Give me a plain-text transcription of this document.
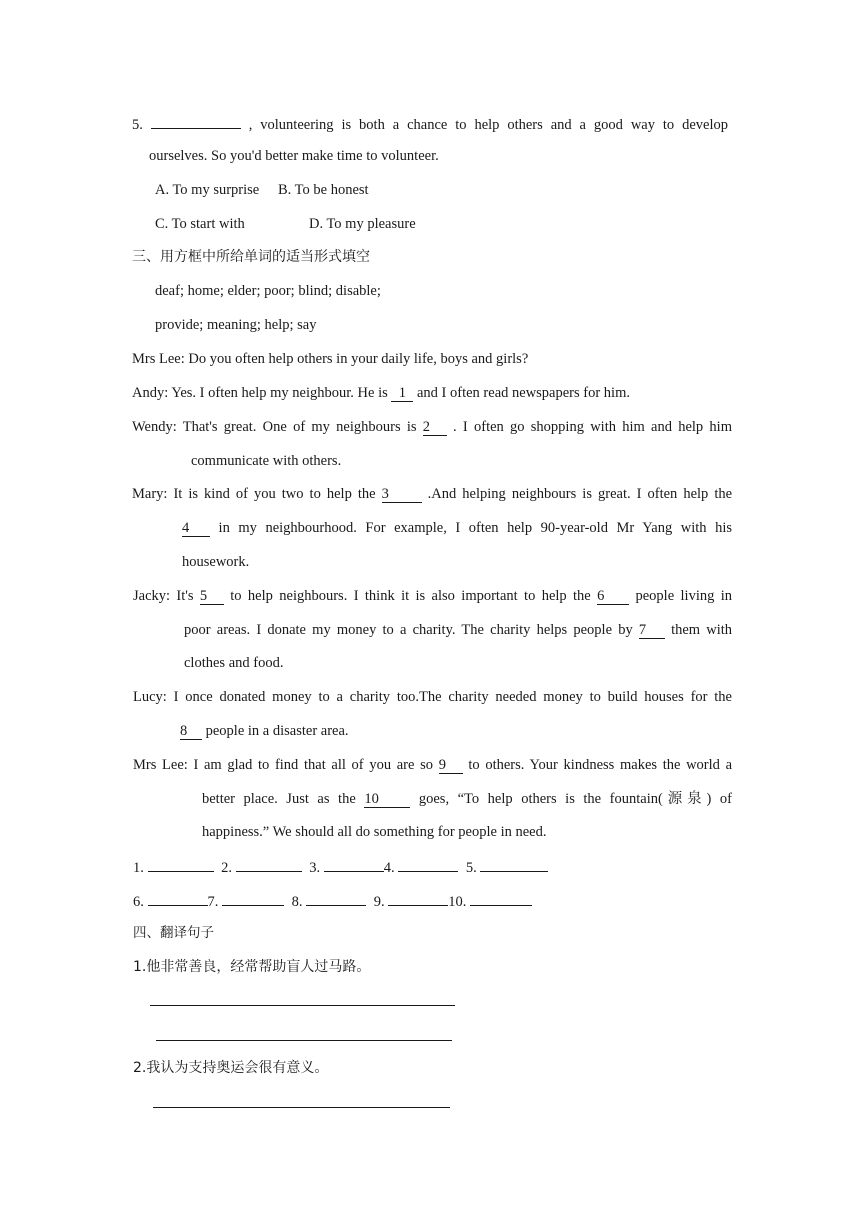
5.	, volunteering is both a chance to help others and a good way to develop
ourselves. So you'd better make time to volunteer.
A. To my surprise B. To be honest
C. To start with	D. To my pleasure
三、用方框中所给单词的适当形式填空
deaf; home; elder; poor; blind; disable;
provide; meaning; help; say
Mrs Lee: Do you often help others in your daily life, boys and girls?
Andy: Yes. I often help my neighbour. He is 1 and I often read newspapers for him.
Wendy: That's great. One of my neighbours is 2 . I often go shopping with him and help him
communicate with others.
Mary: It is kind of you two to help the 3	.And helping neighbours is great. I often help the
4 in my neighbourhood. For example, I often help 90-year-old Mr Yang with his
housework.
Jacky: It's 5 to help neighbours. I think it is also important to help the 6 people living in
poor areas. I donate my money to a charity. The charity helps people by 7 them with
clothes and food.
Lucy: I once donated money to a charity too.The charity needed money to build houses for the
8 people in a disaster area.
Mrs Lee: I am glad to find that all of you are so 9 to others. Your kindness makes the world a
better place. Just as the 10	goes, “To help others is the fountain(源泉) of
happiness.” We should all do something for people in need.
1.	2.	3.	4.	5.
6.	7.	8.	9.	10.
四、翻译句子
1.他非常善良，经常帮助盲人过马路。
2.我认为支持奥运会很有意义。
